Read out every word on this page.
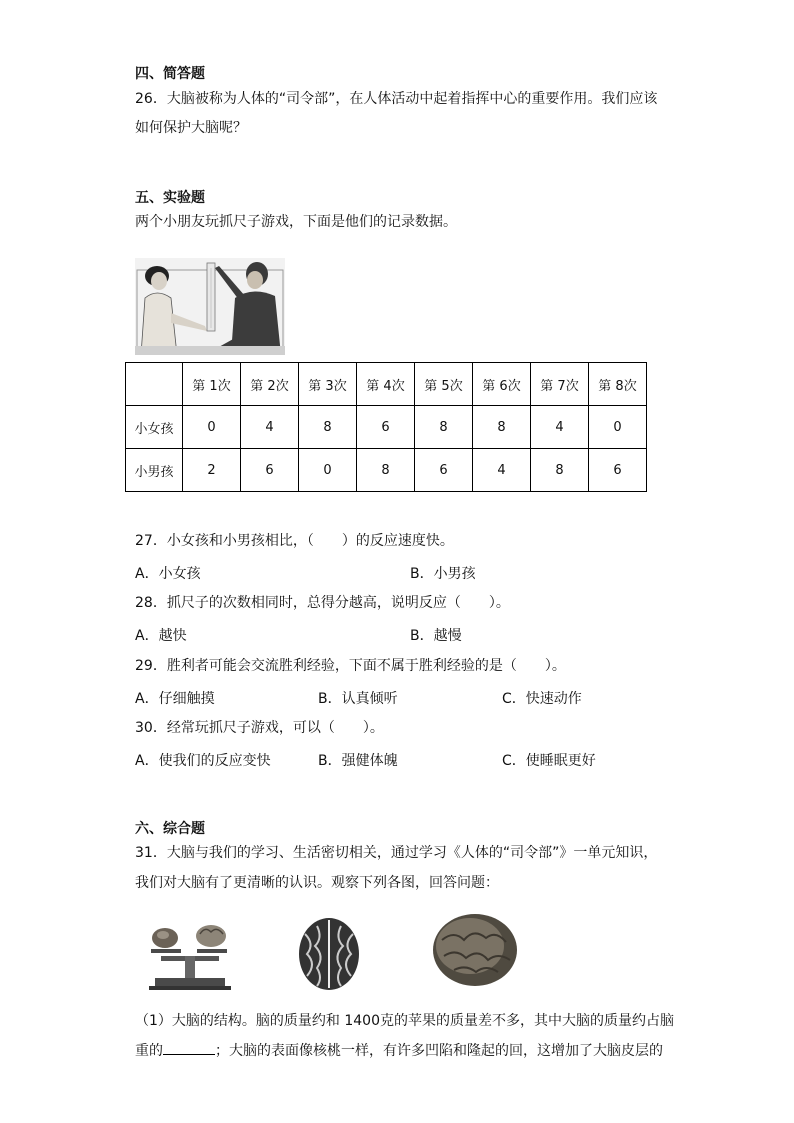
四、简答题
26．大脑被称为人体的“司令部”，在人体活动中起着指挥中心的重要作用。我们应该
如何保护大脑呢？
五、实验题
两个小朋友玩抓尺子游戏，下面是他们的记录数据。
	第 1次	第 2次	第 3次	第 4次	第 5次	第 6次	第 7次	第 8次
小女孩	0	4	8	6	8	8	4	0
小男孩	2	6	0	8	6	4	8	6
27．小女孩和小男孩相比，（　　）的反应速度快。
A．小女孩	B．小男孩
28．抓尺子的次数相同时，总得分越高，说明反应（　　）。
A．越快	B．越慢
29．胜利者可能会交流胜利经验，下面不属于胜利经验的是（　　）。
A．仔细触摸	B．认真倾听	C．快速动作
30．经常玩抓尺子游戏，可以（　　）。
A．使我们的反应变快	B．强健体魄	C．使睡眠更好
六、综合题
31．大脑与我们的学习、生活密切相关，通过学习《人体的“司令部”》一单元知识，
我们对大脑有了更清晰的认识。观察下列各图，回答问题：
（1）大脑的结构。脑的质量约和 1400克的苹果的质量差不多，其中大脑的质量约占脑
重的	；大脑的表面像核桃一样，有许多凹陷和隆起的回，这增加了大脑皮层的
